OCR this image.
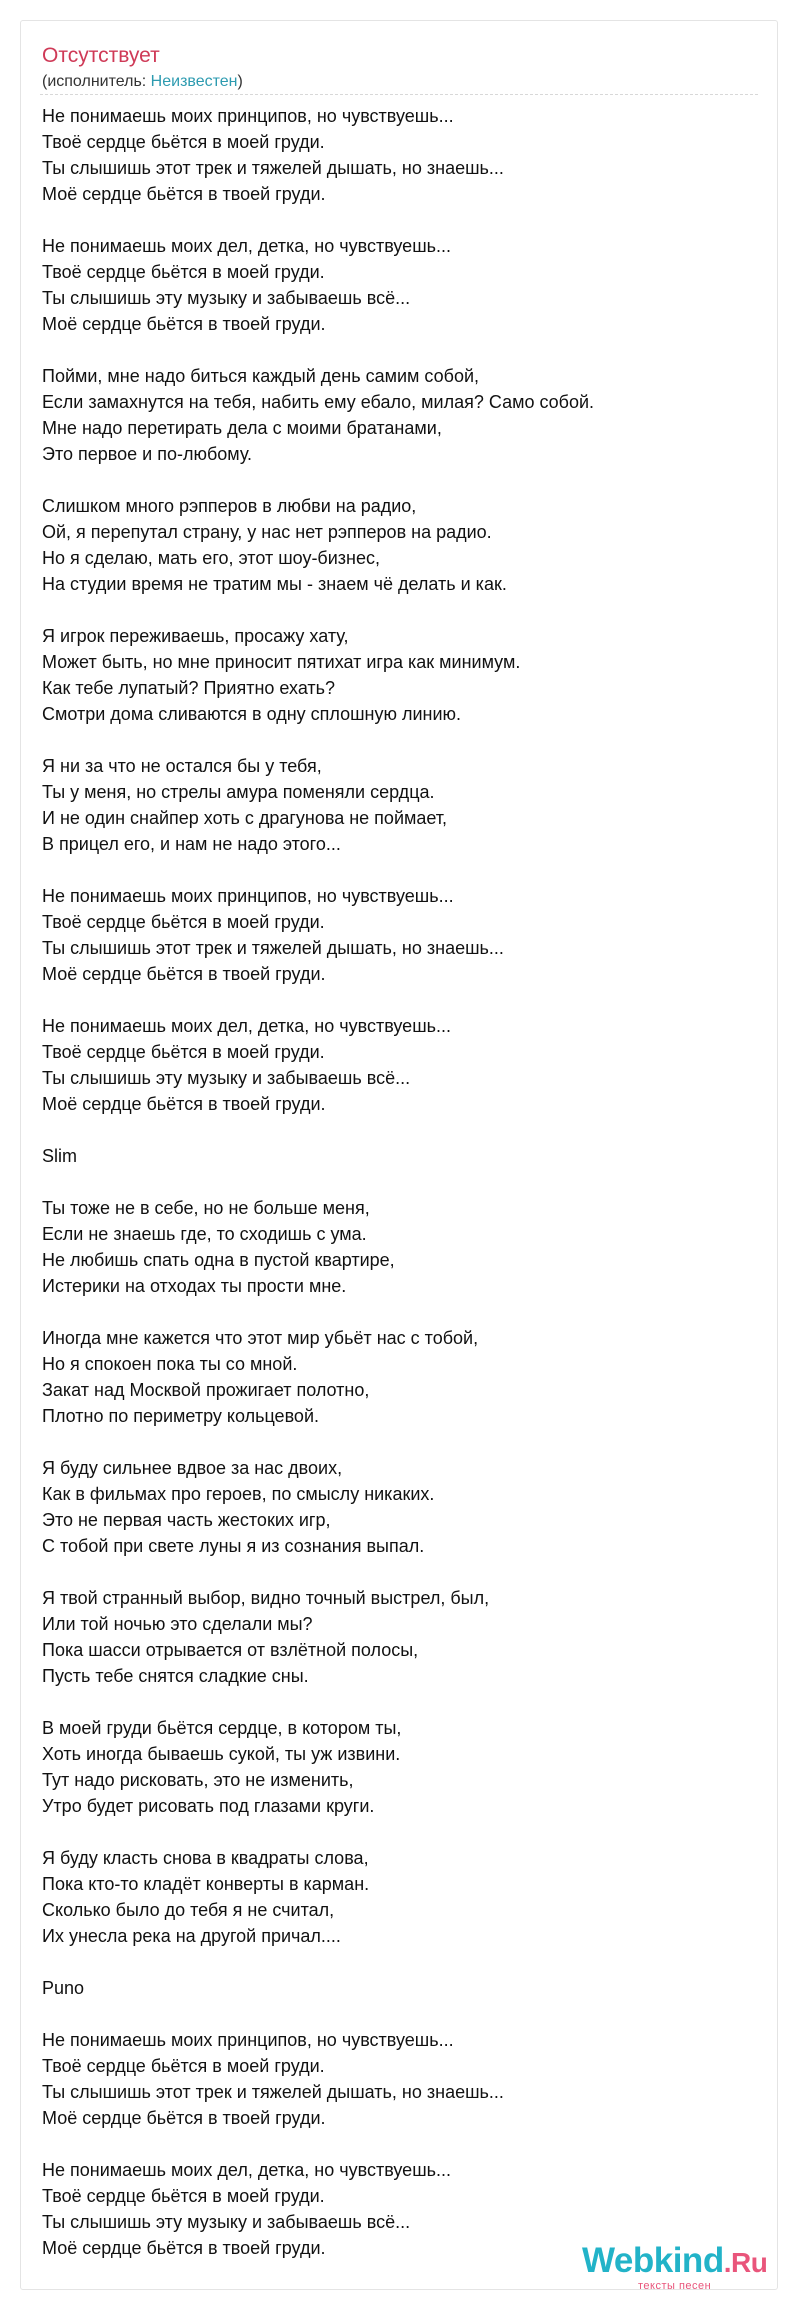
Отсутствует
(исполнитель: Неизвестен)
Не понимаешь моих принципов, но чувствуешь...
Твоё сердце бьётся в моей груди.
Ты слышишь этот трек и тяжелей дышать, но знаешь...
Моё сердце бьётся в твоей груди.
Не понимаешь моих дел, детка, но чувствуешь...
Твоё сердце бьётся в моей груди.
Ты слышишь эту музыку и забываешь всё...
Моё сердце бьётся в твоей груди.
Пойми, мне надо биться каждый день самим собой,
Если замахнутся на тебя, набить ему ебало, милая? Само собой.
Мне надо перетирать дела с моими братанами,
Это первое и по-любому.
Слишком много рэпперов в любви на радио,
Ой, я перепутал страну, у нас нет рэпперов на радио.
Но я сделаю, мать его, этот шоу-бизнес,
На студии время не тратим мы - знаем чё делать и как.
Я игрок переживаешь, просажу хату,
Может быть, но мне приносит пятихат игра как минимум.
Как тебе лупатый? Приятно ехать?
Смотри дома сливаются в одну сплошную линию.
Я ни за что не остался бы у тебя,
Ты у меня, но стрелы амура поменяли сердца.
И не один снайпер хоть с драгунова не поймает,
В прицел его, и нам не надо этого...
Не понимаешь моих принципов, но чувствуешь...
Твоё сердце бьётся в моей груди.
Ты слышишь этот трек и тяжелей дышать, но знаешь...
Моё сердце бьётся в твоей груди.
Не понимаешь моих дел, детка, но чувствуешь...
Твоё сердце бьётся в моей груди.
Ты слышишь эту музыку и забываешь всё...
Моё сердце бьётся в твоей груди.
Slim
Ты тоже не в себе, но не больше меня,
Если не знаешь где, то сходишь с ума.
Не любишь спать одна в пустой квартире,
Истерики на отходах ты прости мне.
Иногда мне кажется что этот мир убьёт нас с тобой,
Но я спокоен пока ты со мной.
Закат над Москвой прожигает полотно,
Плотно по периметру кольцевой.
Я буду сильнее вдвое за нас двоих,
Как в фильмах про героев, по смыслу никаких.
Это не первая часть жестоких игр,
С тобой при свете луны я из сознания выпал.
Я твой странный выбор, видно точный выстрел, был,
Или той ночью это сделали мы?
Пока шасси отрывается от взлётной полосы,
Пусть тебе снятся сладкие сны.
В моей груди бьётся сердце, в котором ты,
Хоть иногда бываешь сукой, ты уж извини.
Тут надо рисковать, это не изменить,
Утро будет рисовать под глазами круги.
Я буду класть снова в квадраты слова,
Пока кто-то кладёт конверты в карман.
Сколько было до тебя я не считал,
Их унесла река на другой причал....
Puno
Не понимаешь моих принципов, но чувствуешь...
Твоё сердце бьётся в моей груди.
Ты слышишь этот трек и тяжелей дышать, но знаешь...
Моё сердце бьётся в твоей груди.
Не понимаешь моих дел, детка, но чувствуешь...
Твоё сердце бьётся в моей груди.
Ты слышишь эту музыку и забываешь всё...
Моё сердце бьётся в твоей груди.	Webkind.Ru
тексты песен
